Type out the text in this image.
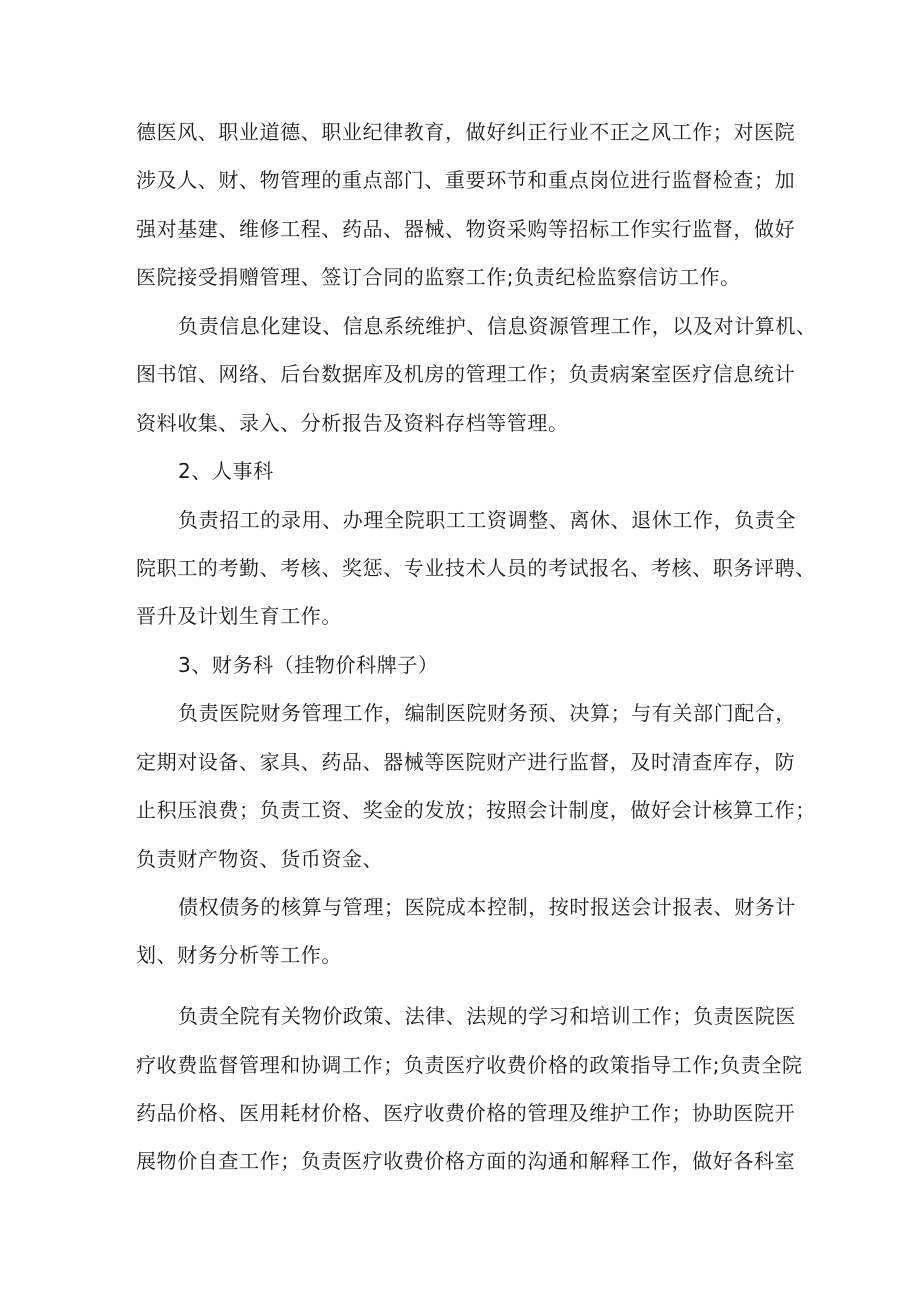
德医风、职业道德、职业纪律教育，做好纠正行业不正之风工作；对医院
涉及人、财、物管理的重点部门、重要环节和重点岗位进行监督检查；加
强对基建、维修工程、药品、器械、物资采购等招标工作实行监督，做好
医院接受捐赠管理、签订合同的监察工作;负责纪检监察信访工作。
负责信息化建设、信息系统维护、信息资源管理工作，以及对计算机、
图书馆、网络、后台数据库及机房的管理工作；负责病案室医疗信息统计
资料收集、录入、分析报告及资料存档等管理。
2、人事科
负责招工的录用、办理全院职工工资调整、离休、退休工作，负责全
院职工的考勤、考核、奖惩、专业技术人员的考试报名、考核、职务评聘、
晋升及计划生育工作。
3、财务科（挂物价科牌子）
负责医院财务管理工作，编制医院财务预、决算；与有关部门配合，
定期对设备、家具、药品、器械等医院财产进行监督，及时清查库存，防
止积压浪费；负责工资、奖金的发放；按照会计制度，做好会计核算工作；
负责财产物资、货币资金、
债权债务的核算与管理；医院成本控制，按时报送会计报表、财务计
划、财务分析等工作。
负责全院有关物价政策、法律、法规的学习和培训工作；负责医院医
疗收费监督管理和协调工作；负责医疗收费价格的政策指导工作;负责全院
药品价格、医用耗材价格、医疗收费价格的管理及维护工作；协助医院开
展物价自查工作；负责医疗收费价格方面的沟通和解释工作，做好各科室
